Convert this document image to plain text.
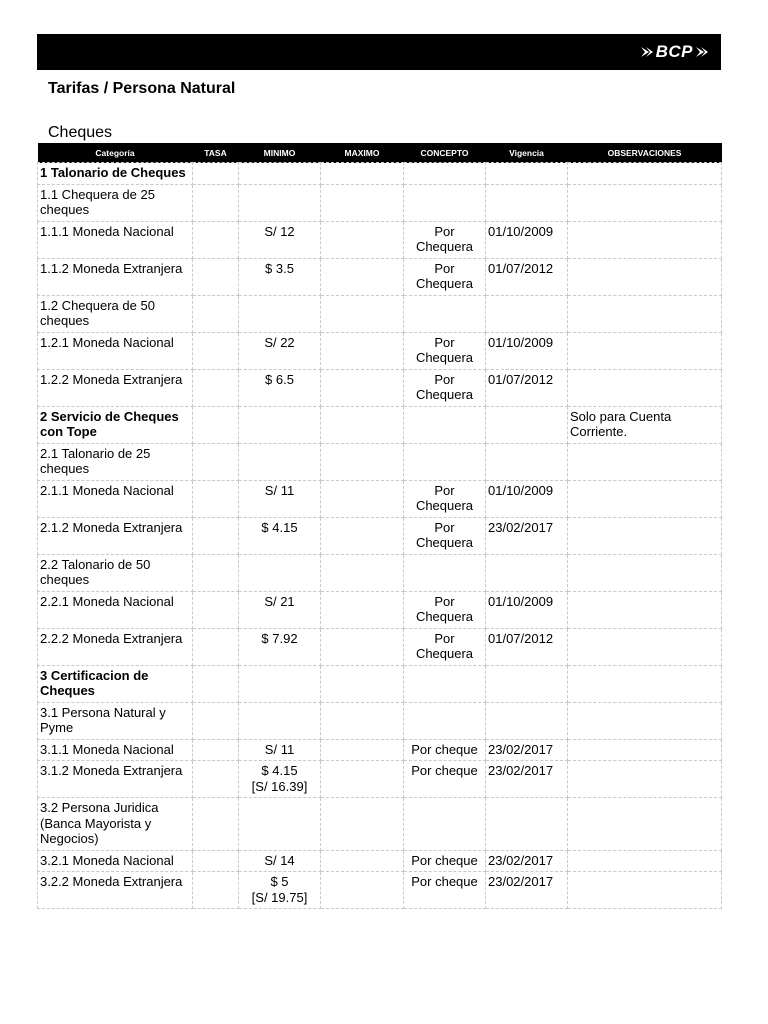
BCP
Tarifas / Persona Natural
Cheques
Categoría	TASA	MINIMO	MAXIMO	CONCEPTO	Vigencia	OBSERVACIONES

1 Talonario de Cheques						

1.1 Chequera de 25 cheques						

1.1.1 Moneda Nacional		S/ 12		Por Chequera	01/10/2009	

1.1.2 Moneda Extranjera		$ 3.5		Por Chequera	01/07/2012	

1.2 Chequera de 50 cheques						

1.2.1 Moneda Nacional		S/ 22		Por Chequera	01/10/2009	

1.2.2 Moneda Extranjera		$ 6.5		Por Chequera	01/07/2012	

2 Servicio de Cheques con Tope						Solo para Cuenta Corriente.

2.1 Talonario de 25 cheques						

2.1.1 Moneda Nacional		S/ 11		Por Chequera	01/10/2009	

2.1.2 Moneda Extranjera		$ 4.15		Por Chequera	23/02/2017	

2.2 Talonario de 50 cheques						

2.2.1 Moneda Nacional		S/ 21		Por Chequera	01/10/2009	

2.2.2 Moneda Extranjera		$ 7.92		Por Chequera	01/07/2012	

3 Certificacion de Cheques						

3.1 Persona Natural y Pyme						

3.1.1 Moneda Nacional		S/ 11		Por cheque	23/02/2017	

3.1.2 Moneda Extranjera		$ 4.15
[S/ 16.39]		Por cheque	23/02/2017	

3.2 Persona Juridica (Banca Mayorista y Negocios)						

3.2.1 Moneda Nacional		S/ 14		Por cheque	23/02/2017	

3.2.2 Moneda Extranjera		$ 5
[S/ 19.75]		Por cheque	23/02/2017	
